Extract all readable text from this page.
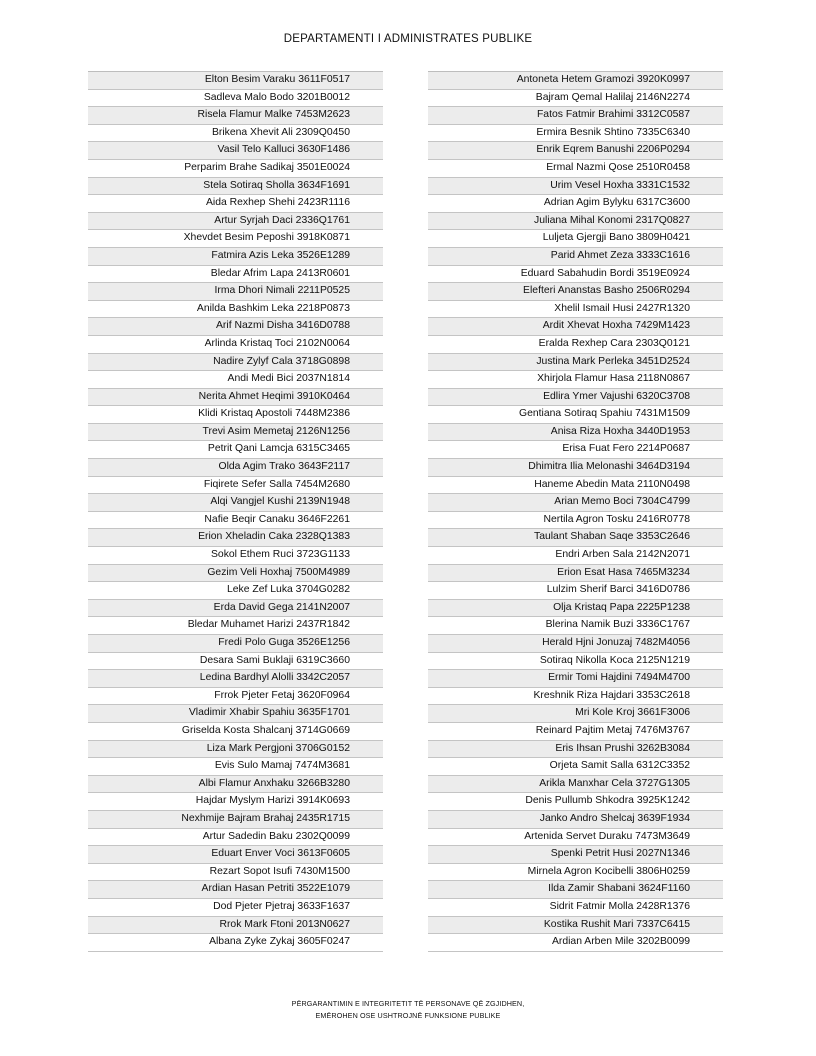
DEPARTAMENTI I ADMINISTRATES PUBLIKE
Elton Besim Varaku 3611F0517
Sadleva Malo Bodo 3201B0012
Risela Flamur Malke 7453M2623
Brikena Xhevit Ali 2309Q0450
Vasil Telo Kalluci 3630F1486
Perparim Brahe Sadikaj 3501E0024
Stela Sotiraq Sholla 3634F1691
Aida Rexhep Shehi 2423R1116
Artur Syrjah Daci 2336Q1761
Xhevdet Besim Peposhi 3918K0871
Fatmira Azis Leka 3526E1289
Bledar Afrim Lapa 2413R0601
Irma Dhori Nimali 2211P0525
Anilda Bashkim Leka 2218P0873
Arif Nazmi Disha 3416D0788
Arlinda Kristaq Toci 2102N0064
Nadire Zylyf Cala 3718G0898
Andi Medi Bici 2037N1814
Nerita Ahmet Heqimi 3910K0464
Klidi Kristaq Apostoli 7448M2386
Trevi Asim Memetaj 2126N1256
Petrit Qani Lamcja 6315C3465
Olda Agim Trako 3643F2117
Fiqirete Sefer Salla 7454M2680
Alqi Vangjel Kushi 2139N1948
Nafie Beqir Canaku 3646F2261
Erion Xheladin Caka 2328Q1383
Sokol Ethem Ruci 3723G1133
Gezim Veli Hoxhaj 7500M4989
Leke Zef Luka 3704G0282
Erda David Gega 2141N2007
Bledar Muhamet Harizi 2437R1842
Fredi Polo Guga 3526E1256
Desara Sami Buklaji 6319C3660
Ledina Bardhyl Alolli 3342C2057
Frrok Pjeter Fetaj 3620F0964
Vladimir Xhabir Spahiu 3635F1701
Griselda Kosta Shalcanj 3714G0669
Liza Mark Pergjoni 3706G0152
Evis Sulo Mamaj 7474M3681
Albi Flamur Anxhaku 3266B3280
Hajdar Myslym Harizi 3914K0693
Nexhmije Bajram Brahaj 2435R1715
Artur Sadedin Baku 2302Q0099
Eduart Enver Voci 3613F0605
Rezart Sopot Isufi 7430M1500
Ardian Hasan Petriti 3522E1079
Dod Pjeter Pjetraj 3633F1637
Rrok Mark Ftoni 2013N0627
Albana Zyke Zykaj 3605F0247
Antoneta Hetem Gramozi 3920K0997
Bajram Qemal Halilaj 2146N2274
Fatos Fatmir Brahimi 3312C0587
Ermira Besnik Shtino 7335C6340
Enrik Eqrem Banushi 2206P0294
Ermal Nazmi Qose 2510R0458
Urim Vesel Hoxha 3331C1532
Adrian Agim Bylyku 6317C3600
Juliana Mihal Konomi 2317Q0827
Luljeta Gjergji Bano 3809H0421
Parid Ahmet Zeza 3333C1616
Eduard Sabahudin Bordi 3519E0924
Elefteri Ananstas Basho 2506R0294
Xhelil Ismail Husi 2427R1320
Ardit Xhevat Hoxha 7429M1423
Eralda Rexhep Cara 2303Q0121
Justina Mark Perleka 3451D2524
Xhirjola Flamur Hasa 2118N0867
Edlira Ymer Vajushi 6320C3708
Gentiana Sotiraq Spahiu 7431M1509
Anisa Riza Hoxha 3440D1953
Erisa Fuat Fero 2214P0687
Dhimitra Ilia Melonashi 3464D3194
Haneme Abedin Mata 2110N0498
Arian Memo Boci 7304C4799
Nertila Agron Tosku 2416R0778
Taulant Shaban Saqe 3353C2646
Endri Arben Sala 2142N2071
Erion Esat Hasa 7465M3234
Lulzim Sherif Barci 3416D0786
Olja Kristaq Papa 2225P1238
Blerina Namik Buzi 3336C1767
Herald Hjni Jonuzaj 7482M4056
Sotiraq Nikolla Koca 2125N1219
Ermir Tomi Hajdini 7494M4700
Kreshnik Riza Hajdari 3353C2618
Mri Kole Kroj 3661F3006
Reinard Pajtim Metaj 7476M3767
Eris Ihsan Prushi 3262B3084
Orjeta Samit Salla 6312C3352
Arikla Manxhar Cela 3727G1305
Denis Pullumb Shkodra 3925K1242
Janko Andro Shelcaj 3639F1934
Artenida Servet Duraku 7473M3649
Spenki Petrit Husi 2027N1346
Mirnela Agron Kocibelli 3806H0259
Ilda Zamir Shabani 3624F1160
Sidrit Fatmir Molla 2428R1376
Kostika Rushit Mari 7337C6415
Ardian Arben Mile 3202B0099
PËRGARANTIMIN E INTEGRITETIT TË PERSONAVE QË ZGJIDHEN,
EMËROHEN OSE USHTROJNË FUNKSIONE PUBLIKE
